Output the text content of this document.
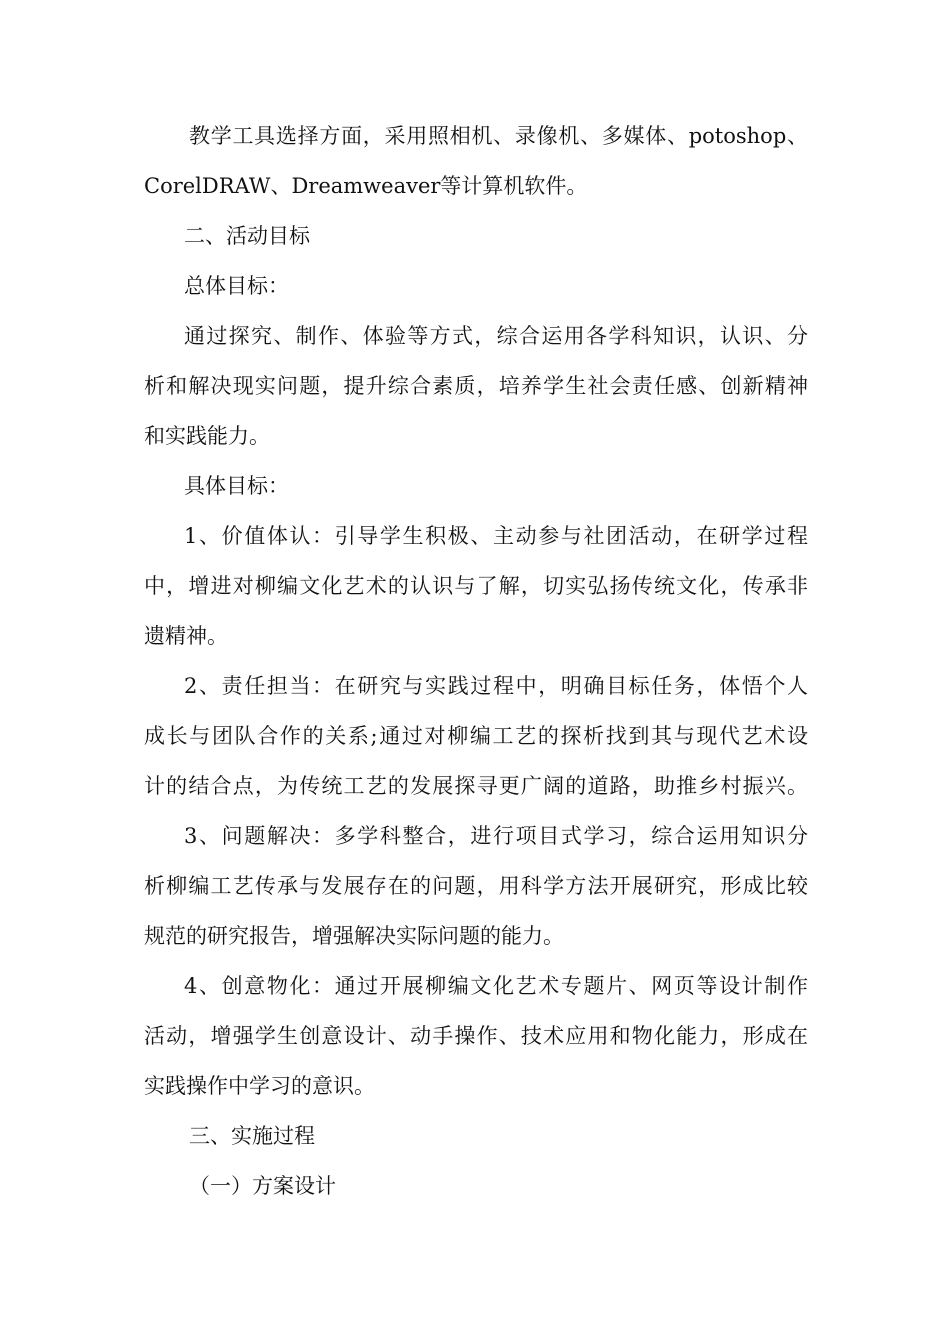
教学工具选择方面，采用照相机、录像机、多媒体、potoshop、
CorelDRAW、Dreamweaver等计算机软件。
二、活动目标
总体目标：
通过探究、制作、体验等方式，综合运用各学科知识，认识、分
析和解决现实问题，提升综合素质，培养学生社会责任感、创新精神
和实践能力。
具体目标：
1、价值体认：引导学生积极、主动参与社团活动，在研学过程
中，增进对柳编文化艺术的认识与了解，切实弘扬传统文化，传承非
遗精神。
2、责任担当：在研究与实践过程中，明确目标任务，体悟个人
成长与团队合作的关系;通过对柳编工艺的探析找到其与现代艺术设
计的结合点，为传统工艺的发展探寻更广阔的道路，助推乡村振兴。
3、问题解决：多学科整合，进行项目式学习，综合运用知识分
析柳编工艺传承与发展存在的问题，用科学方法开展研究，形成比较
规范的研究报告，增强解决实际问题的能力。
4、创意物化：通过开展柳编文化艺术专题片、网页等设计制作
活动，增强学生创意设计、动手操作、技术应用和物化能力，形成在
实践操作中学习的意识。
三、实施过程
（一）方案设计
